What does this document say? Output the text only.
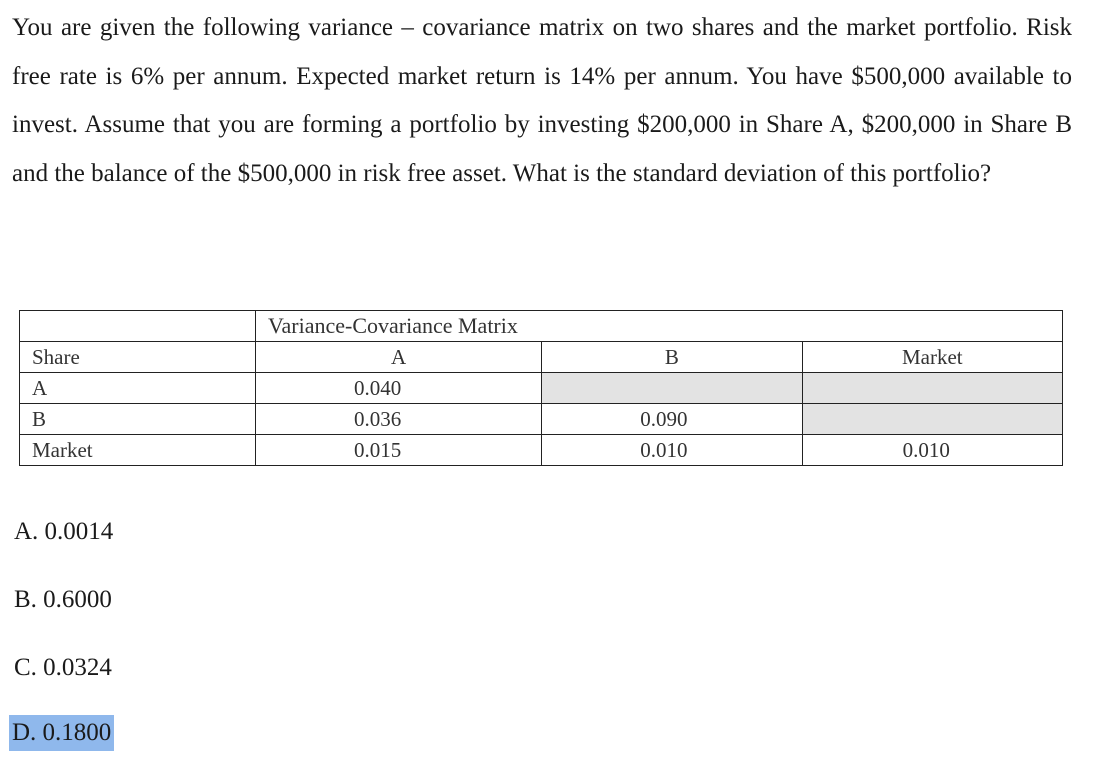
You are given the following variance – covariance matrix on two shares and the market portfolio. Risk free rate is 6% per annum. Expected market return is 14% per annum. You have $500,000 available to invest. Assume that you are forming a portfolio by investing $200,000 in Share A, $200,000 in Share B and the balance of the $500,000 in risk free asset. What is the standard deviation of this portfolio?

	Variance-Covariance Matrix		
Share	A	B	Market
A	0.040		
B	0.036	0.090	
Market	0.015	0.010	0.010
A. 0.0014
B. 0.6000
C. 0.0324
D. 0.1800
